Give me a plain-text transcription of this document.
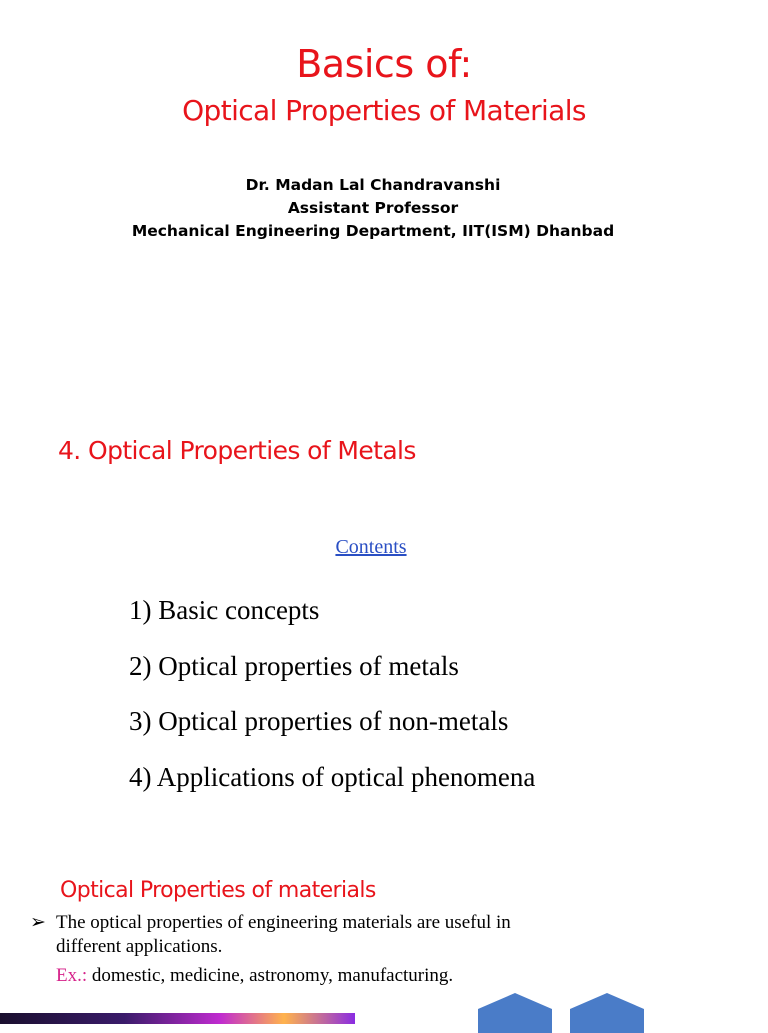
Basics of:
Optical Properties of Materials
Dr. Madan Lal Chandravanshi
Assistant Professor
Mechanical Engineering Department, IIT(ISM) Dhanbad
4. Optical Properties of Metals
Contents
1) Basic concepts
2) Optical properties of metals
3) Optical properties of non-metals
4) Applications of optical phenomena
Optical Properties of materials
➢ The optical properties of engineering materials are useful in
different applications.
Ex.: domestic, medicine, astronomy, manufacturing.
